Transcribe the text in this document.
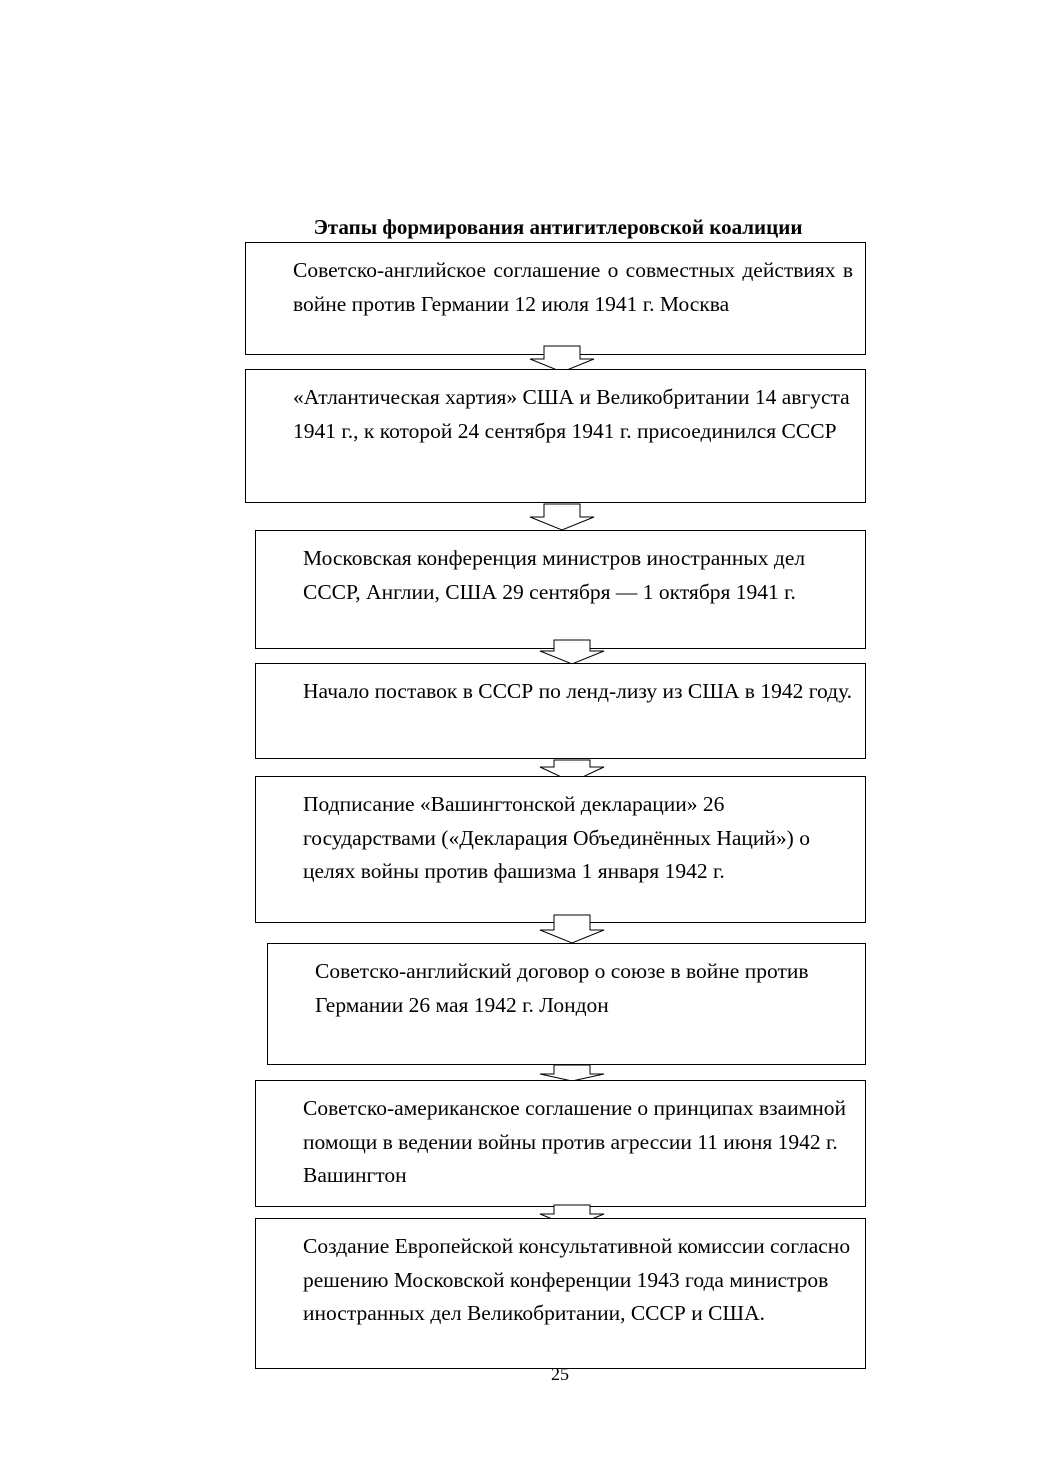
Этапы формирования антигитлеровской коалиции

Советско-английское соглашение о совместных действиях в войне против Германии 12 июля 1941 г. Москва

«Атлантическая хартия» США и Великобритании 14 августа 1941 г., к которой 24 сентября 1941 г. присоединился СССР

Московская конференция министров иностранных дел СССР, Англии, США 29 сентября — 1 октября 1941 г.

Начало поставок в СССР по ленд-лизу из США в 1942 году.

Подписание «Вашингтонской декларации» 26 государствами («Декларация Объединённых Наций») о целях войны против фашизма 1 января 1942 г.

Советско-английский договор о союзе в войне против Германии 26 мая 1942 г. Лондон

Советско-американское соглашение о принципах взаимной помощи в ведении войны против агрессии 11 июня 1942 г. Вашингтон

Создание Европейской консультативной комиссии согласно решению Московской конференции 1943 года министров иностранных дел Великобритании, СССР и США.

25
